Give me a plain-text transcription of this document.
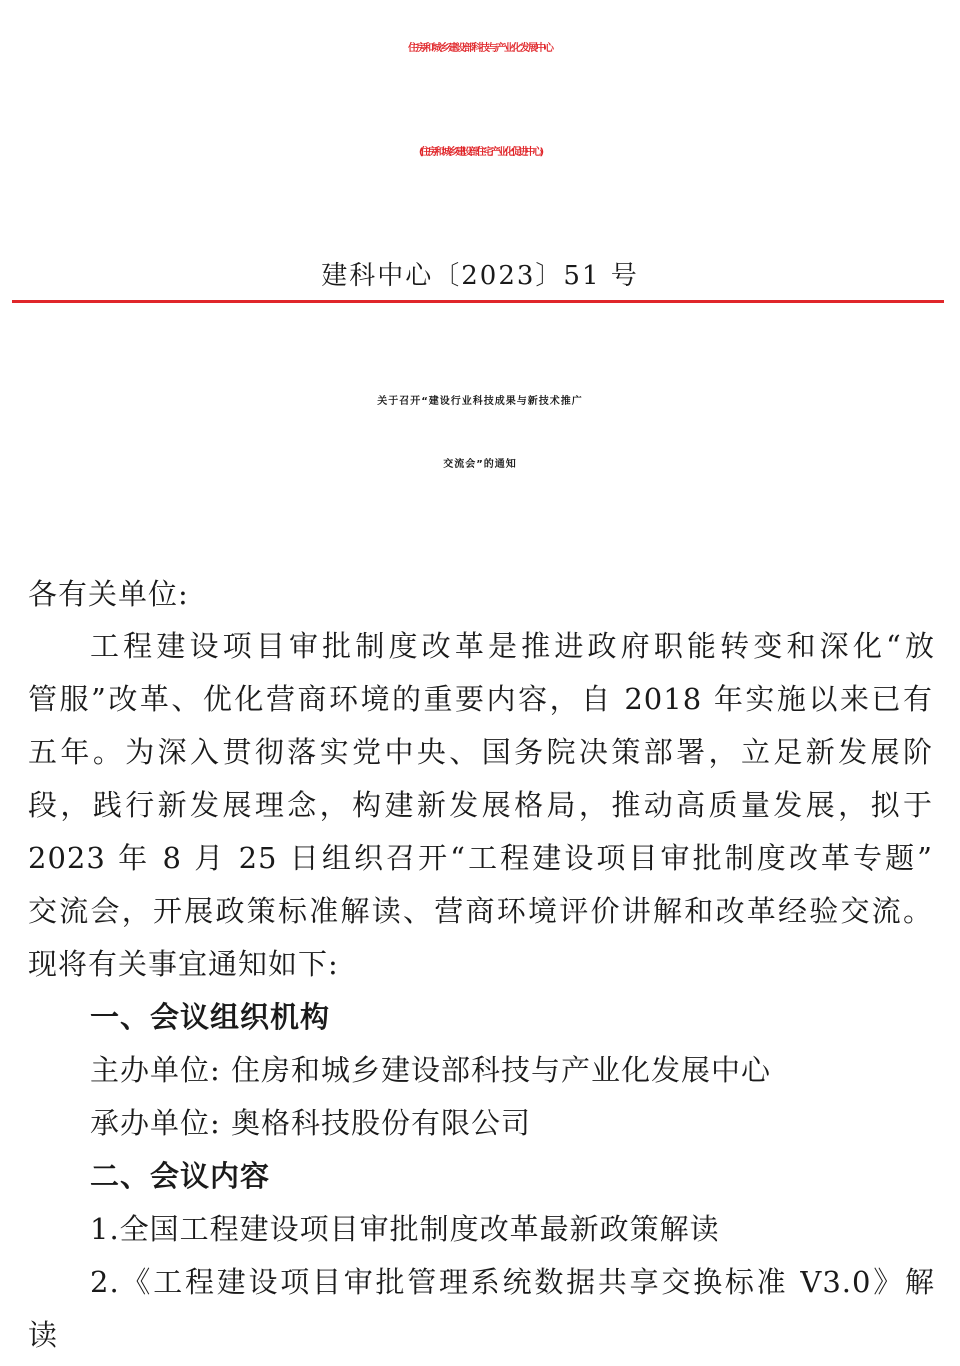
住房和城乡建设部科技与产业化发展中心
(住房和城乡建设部住宅产业化促进中心)
建科中心〔2023〕51 号
关于召开“建设行业科技成果与新技术推广
交流会”的通知
各有关单位:
工程建设项目审批制度改革是推进政府职能转变和深化“放
管服”改革、优化营商环境的重要内容，自 2018 年实施以来已有
五年。为深入贯彻落实党中央、国务院决策部署，立足新发展阶
段，践行新发展理念，构建新发展格局，推动高质量发展，拟于
2023 年 8 月 25 日组织召开“工程建设项目审批制度改革专题”
交流会，开展政策标准解读、营商环境评价讲解和改革经验交流。
现将有关事宜通知如下:
一、会议组织机构
主办单位: 住房和城乡建设部科技与产业化发展中心
承办单位: 奥格科技股份有限公司
二、会议内容
1.全国工程建设项目审批制度改革最新政策解读
2.《工程建设项目审批管理系统数据共享交换标准 V3.0》解
读
